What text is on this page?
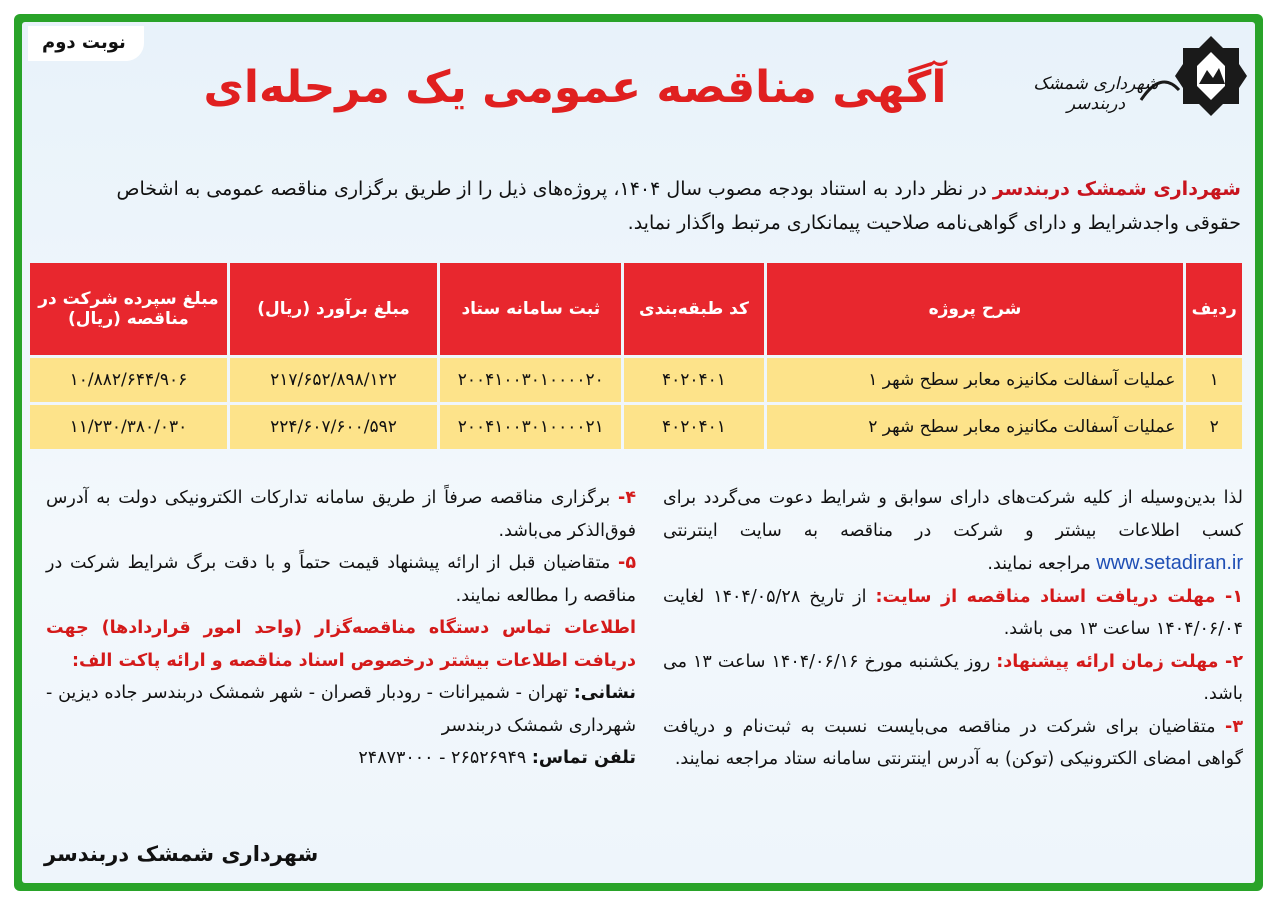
نوبت دوم
شهرداری شمشک دربندسر
آگهی مناقصه عمومی یک مرحله‌ای
شهرداری شمشک دربندسر در نظر دارد به استناد بودجه مصوب سال ۱۴۰۴، پروژه‌های ذیل را از طریق برگزاری مناقصه عمومی به اشخاص
حقوقی واجدشرایط و دارای گواهی‌نامه صلاحیت پیمانکاری مرتبط واگذار نماید.
ردیف	شرح پروژه	کد طبقه‌بندی	ثبت سامانه ستاد	مبلغ برآورد (ریال)	مبلغ سپرده شرکت در مناقصه (ریال)
۱	عملیات آسفالت مکانیزه معابر سطح شهر ۱	۴۰۲۰۴۰۱	۲۰۰۴۱۰۰۳۰۱۰۰۰۰۲۰	۲۱۷/۶۵۲/۸۹۸/۱۲۲	۱۰/۸۸۲/۶۴۴/۹۰۶
۲	عملیات آسفالت مکانیزه معابر سطح شهر ۲	۴۰۲۰۴۰۱	۲۰۰۴۱۰۰۳۰۱۰۰۰۰۲۱	۲۲۴/۶۰۷/۶۰۰/۵۹۲	۱۱/۲۳۰/۳۸۰/۰۳۰
لذا بدین‌وسیله از کلیه شرکت‌های دارای سوابق و شرایط دعوت می‌گردد برای کسب اطلاعات بیشتر و شرکت در مناقصه به سایت اینترنتی www.setadiran.ir مراجعه نمایند.
۱- مهلت دریافت اسناد مناقصه از سایت: از تاریخ ۱۴۰۴/۰۵/۲۸ لغایت ۱۴۰۴/۰۶/۰۴ ساعت ۱۳ می باشد.
۲- مهلت زمان ارائه پیشنهاد: روز یکشنبه مورخ ۱۴۰۴/۰۶/۱۶ ساعت ۱۳ می باشد.
۳- متقاضیان برای شرکت در مناقصه می‌بایست نسبت به ثبت‌نام و دریافت گواهی امضای الکترونیکی (توکن) به آدرس اینترنتی سامانه ستاد مراجعه نمایند.
۴- برگزاری مناقصه صرفاً از طریق سامانه تدارکات الکترونیکی دولت به آدرس فوق‌الذکر می‌باشد.
۵- متقاضیان قبل از ارائه پیشنهاد قیمت حتماً و با دقت برگ شرایط شرکت در مناقصه را مطالعه نمایند.
اطلاعات تماس دستگاه مناقصه‌گزار (واحد امور قراردادها) جهت دریافت اطلاعات بیشتر درخصوص اسناد مناقصه و ارائه پاکت الف:
نشانی: تهران - شمیرانات - رودبار قصران - شهر شمشک دربندسر جاده دیزین - شهرداری شمشک دربندسر
تلفن تماس: ۲۶۵۲۶۹۴۹ - ۲۴۸۷۳۰۰۰
شهرداری شمشک دربندسر
